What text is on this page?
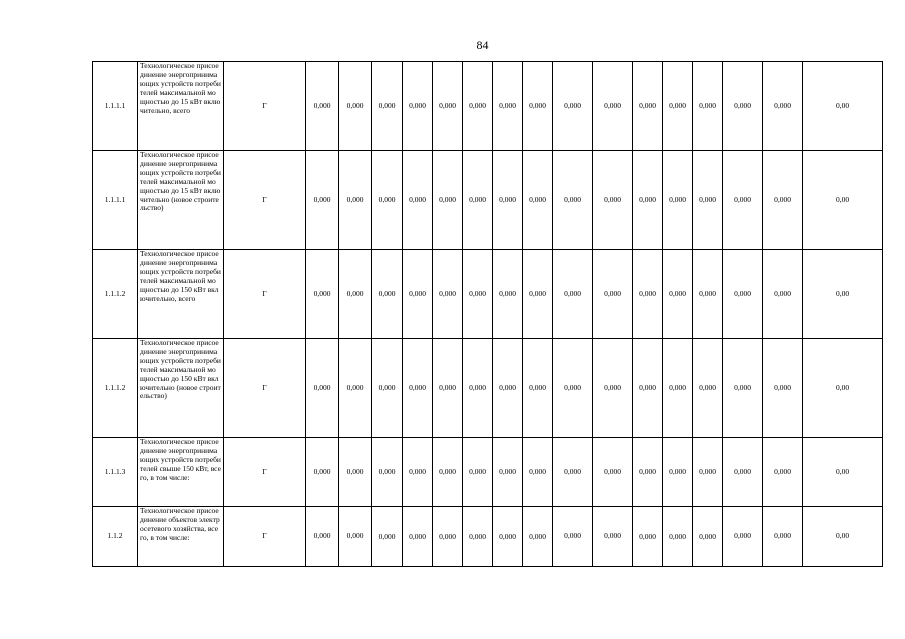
84
1.1.1.1	Технологическое присоединение энергопринимающих устройств потребителей максимальной мощностью до 15 кВт включительно, всего	Г	0,000	0,000	0,000	0,000	0,000	0,000	0,000	0,000	0,000	0,000	0,000	0,000	0,000	0,000	0,000	0,00
1.1.1.1	Технологическое присоединение энергопринимающих устройств потребителей максимальной мощностью до 15 кВт включительно (новое строительство)	Г	0,000	0,000	0,000	0,000	0,000	0,000	0,000	0,000	0,000	0,000	0,000	0,000	0,000	0,000	0,000	0,00
1.1.1.2	Технологическое присоединение энергопринимающих устройств потребителей максимальной мощностью до 150 кВт включительно, всего	Г	0,000	0,000	0,000	0,000	0,000	0,000	0,000	0,000	0,000	0,000	0,000	0,000	0,000	0,000	0,000	0,00
1.1.1.2	Технологическое присоединение энергопринимающих устройств потребителей максимальной мощностью до 150 кВт включительно (новое строительство)	Г	0,000	0,000	0,000	0,000	0,000	0,000	0,000	0,000	0,000	0,000	0,000	0,000	0,000	0,000	0,000	0,00
1.1.1.3	Технологическое присоединение энергопринимающих устройств потребителей свыше 150 кВт, всего, в том числе:	Г	0,000	0,000	0,000	0,000	0,000	0,000	0,000	0,000	0,000	0,000	0,000	0,000	0,000	0,000	0,000	0,00
1.1.2	Технологическое присоединение объектов электросетевого хозяйства, всего, в том числе:	Г	0,000	0,000	0,000	0,000	0,000	0,000	0,000	0,000	0,000	0,000	0,000	0,000	0,000	0,000	0,000	0,00
